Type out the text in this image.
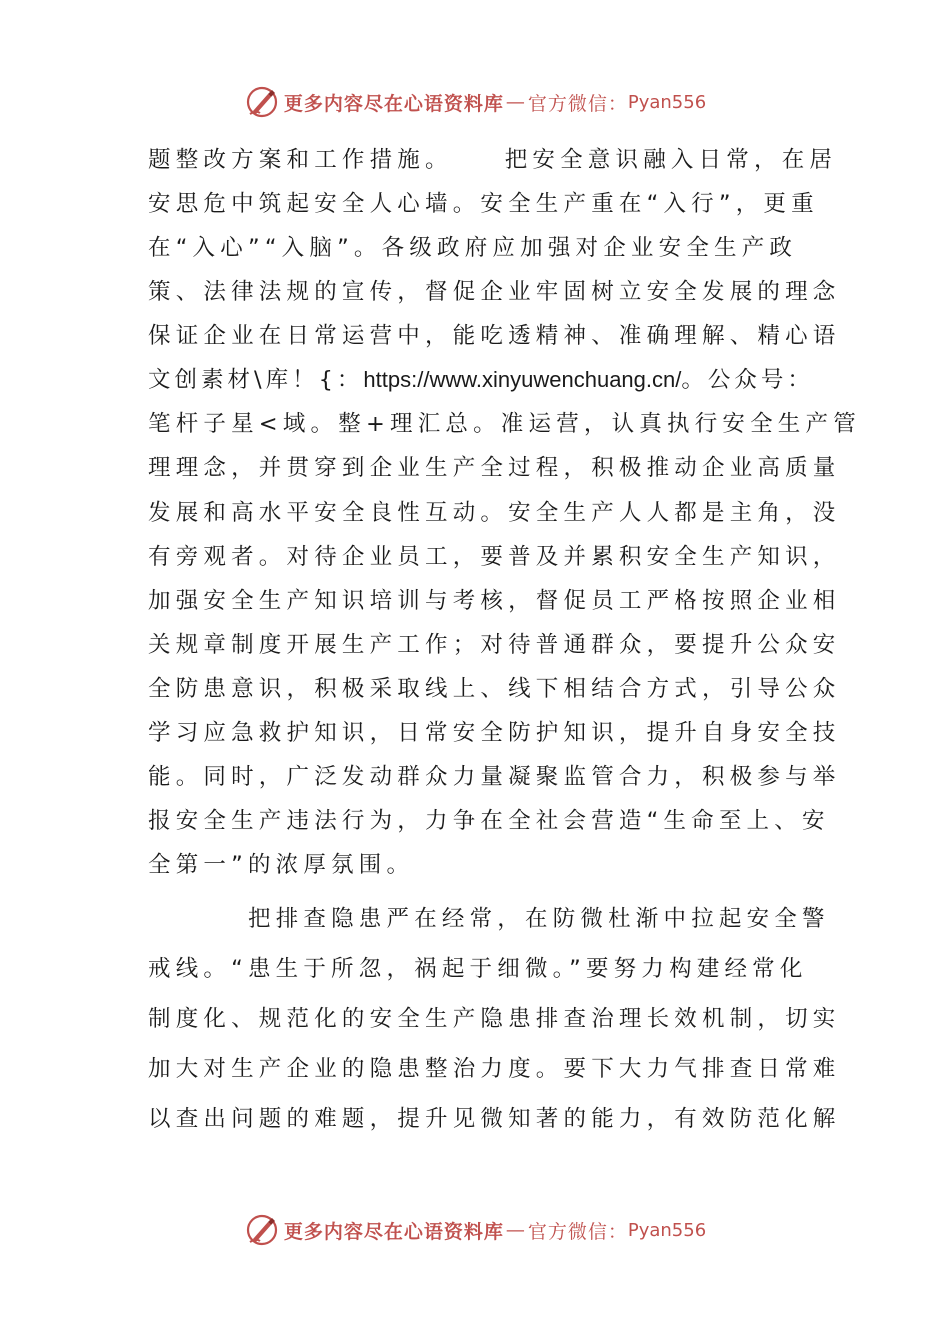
更多内容尽在心语资料库 — 官方微信： Pyan556
题整改方案和工作措施。 把安全意识融入日常，在居
安思危中筑起安全人心墙。安全生产重在“入行”，更重
在“入心”“入脑”。各级政府应加强对企业安全生产政
策、法律法规的宣传，督促企业牢固树立安全发展的理念
保证企业在日常运营中，能吃透精神、准确理解、精心语
文创素材\库！{：https://www.xinyuwenchuang.cn/。公众号：
笔杆子星<域。整+理汇总。准运营，认真执行安全生产管
理理念，并贯穿到企业生产全过程，积极推动企业高质量
发展和高水平安全良性互动。安全生产人人都是主角，没
有旁观者。对待企业员工，要普及并累积安全生产知识，
加强安全生产知识培训与考核，督促员工严格按照企业相
关规章制度开展生产工作；对待普通群众，要提升公众安
全防患意识，积极采取线上、线下相结合方式，引导公众
学习应急救护知识，日常安全防护知识，提升自身安全技
能。同时，广泛发动群众力量凝聚监管合力，积极参与举
报安全生产违法行为，力争在全社会营造“生命至上、安
全第一”的浓厚氛围。
把排查隐患严在经常，在防微杜渐中拉起安全警
戒线。“患生于所忽，祸起于细微。”要努力构建经常化
制度化、规范化的安全生产隐患排查治理长效机制，切实
加大对生产企业的隐患整治力度。要下大力气排查日常难
以查出问题的难题，提升见微知著的能力，有效防范化解
更多内容尽在心语资料库 — 官方微信： Pyan556
